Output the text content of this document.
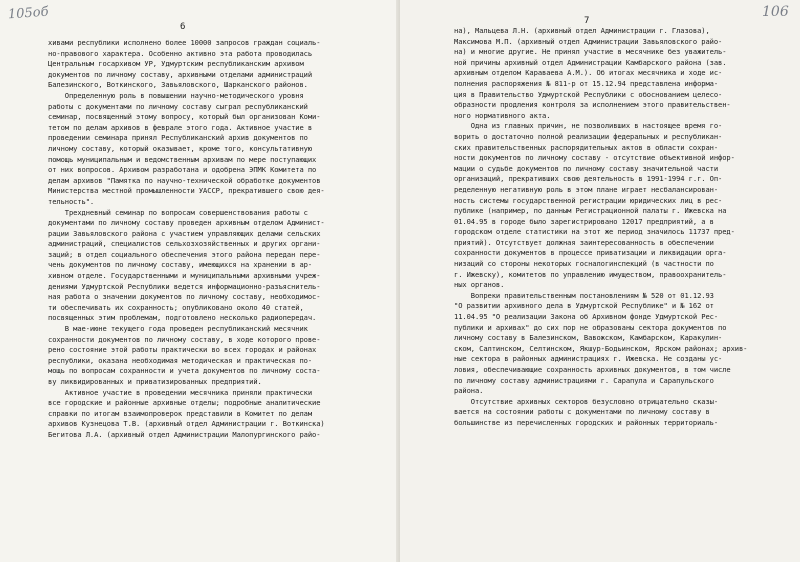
105об
6
хивами республики исполнено более 10000 запросов граждан социаль-
но-правового характера. Особенно активно эта работа проводилась
Центральным госархивом УР, Удмуртским республиканским архивом
документов по личному составу, архивными отделами администраций
Балезинского, Воткинского, Завьяловского, Шарканского районов.
Определенную роль в повышении научно-методического уровня
работы с документами по личному составу сыграл республиканский
семинар, посвященный этому вопросу, который был организован Коми-
тетом по делам архивов в феврале этого года. Активное участие в
проведении семинара принял Республиканский архив документов по
личному составу, который оказывает, кроме того, консультативную
помощь муниципальным и ведомственным архивам по мере поступающих
от них вопросов. Архивом разработана и одобрена ЭПМК Комитета по
делам архивов "Памятка по научно-технической обработке документов
Министерства местной промышленности УАССР, прекратившего свою дея-
тельность".
Трехдневный семинар по вопросам совершенствования работы с
документами по личному составу проведен архивным отделом Админист-
рации Завьяловского района с участием управляющих делами сельских
администраций, специалистов сельхозхозяйственных и других органи-
заций; в отдел социального обеспечения этого района передан пере-
чень документов по личному составу, имеющихся на хранении в ар-
хивном отделе. Государственными и муниципальными архивными учреж-
дениями Удмуртской Республики ведется информационно-разъяснитель-
ная работа о значении документов по личному составу, необходимос-
ти обеспечивать их сохранность; опубликовано около 40 статей,
посвященных этим проблемам, подготовлено несколько радиопередач.
В мае-июне текущего года проведен республиканский месячник
сохранности документов по личному составу, в ходе которого прове-
рено состояние этой работы практически во всех городах и районах
республики, оказана необходимая методическая и практическая по-
мощь по вопросам сохранности и учета документов по личному соста-
ву ликвидированных и приватизированных предприятий.
Активное участие в проведении месячника приняли практически
все городские и районные архивные отделы; подробные аналитические
справки по итогам взаимопроверок представили в Комитет по делам
архивов Кузнецова Т.В. (архивный отдел Администрации г. Воткинска)
Бегитова Л.А. (архивный отдел Администрации Малопургинского райо-
106
7
на), Мальцева Л.Н. (архивный отдел Администрации г. Глазова),
Максимова М.П. (архивный отдел Администрации Завьяловского райо-
на) и многие другие. Не принял участие в месячнике без уважитель-
ной причины архивный отдел Администрации Камбарского района (зав.
архивным отделом Караваева А.М.). Об итогах месячника и ходе ис-
полнения распоряжения № 811-р от 15.12.94 представлена информа-
ция в Правительство Удмуртской Республики с обоснованием целесо-
образности продления контроля за исполнением этого правительствен-
ного нормативного акта.
Одна из главных причин, не позволивших в настоящее время го-
ворить о достаточно полной реализации федеральных и республикан-
ских правительственных распорядительных актов в области сохран-
ности документов по личному составу - отсутствие объективной инфор-
мации о судьбе документов по личному составу значительной части
организаций, прекративших свою деятельность в 1991-1994 г.г. Оп-
ределенную негативную роль в этом плане играет несбалансирован-
ность системы государственной регистрации юридических лиц в рес-
публике (например, по данным Регистрационной палаты г. Ижевска на
01.04.95 в городе было зарегистрировано 12017 предприятий, а в
городском отделе статистики на этот же период значилось 11737 пред-
приятий). Отсутствует должная заинтересованность в обеспечении
сохранности документов в процессе приватизации и ликвидации орга-
низаций со стороны некоторых госналогинспекций (в частности по
г. Ижевску), комитетов по управлению имуществом, правоохранитель-
ных органов.
Вопреки правительственным постановлениям № 520 от 01.12.93
"О развитии архивного дела в Удмуртской Республике" и № 162 от
11.04.95 "О реализации Закона об Архивном фонде Удмуртской Рес-
публики и архивах" до сих пор не образованы сектора документов по
личному составу в Балезинском, Вавожском, Камбарском, Каракулин-
ском, Салтинском, Селтинском, Якшур-Бодьинском, Ярском районах; архив-
ные сектора в районных администрациях г. Ижевска. Не созданы ус-
ловия, обеспечивающие сохранность архивных документов, в том числе
по личному составу администрациями г. Сарапула и Сарапульского
района.
Отсутствие архивных секторов безусловно отрицательно сказы-
вается на состоянии работы с документами по личному составу в
большинстве из перечисленных городских и районных территориаль-
